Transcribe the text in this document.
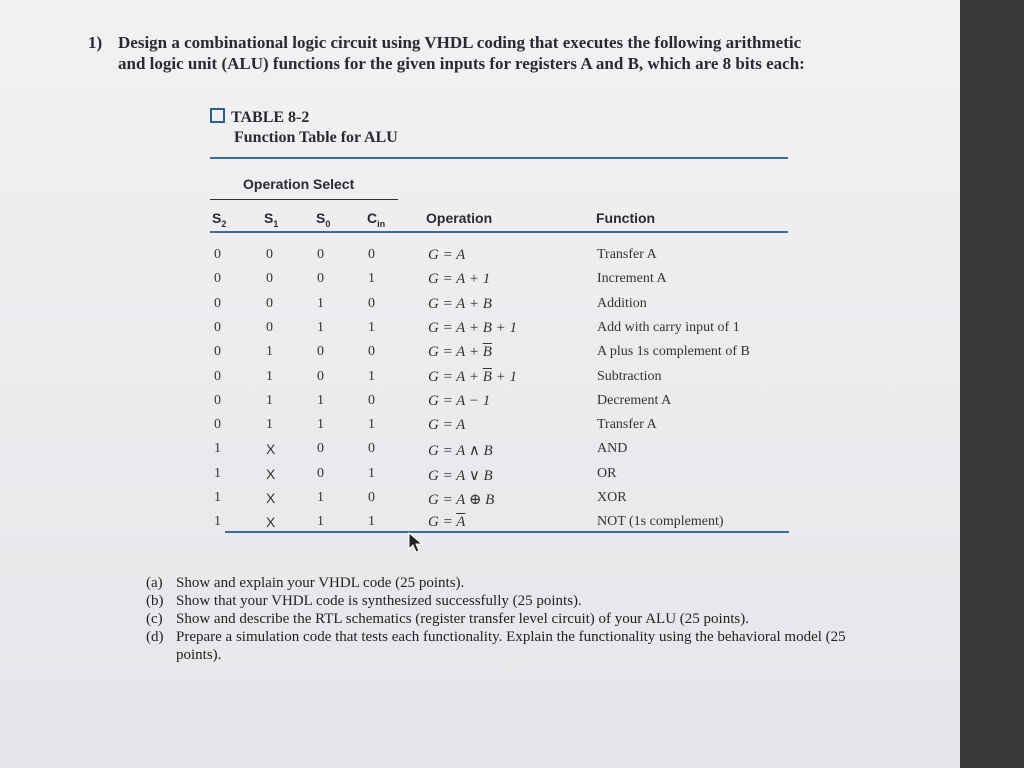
1) Design a combinational logic circuit using VHDL coding that executes the following arithmetic
and logic unit (ALU) functions for the given inputs for registers A and B, which are 8 bits each:
TABLE 8-2
Function Table for ALU
Operation Select
$S_2$	$S_1$	$S_0$	$C_{in}$	Operation	Function
0	0	0	0	G = A	Transfer A
0	0	0	1	G = A + 1	Increment A
0	0	1	0	G = A + B	Addition
0	0	1	1	G = A + B + 1	Add with carry input of 1
0	1	0	0	$G = A + \overline{B}$	A plus 1s complement of B
0	1	0	1	$G = A + \overline{B} + 1$	Subtraction
0	1	1	0	G = A − 1	Decrement A
0	1	1	1	G = A	Transfer A
1	X	0	0	G = A ∧ B	AND
1	X	0	1	G = A ∨ B	OR
1	X	1	0	G = A ⊕ B	XOR
1	X	1	1	$G = \overline{A}$	NOT (1s complement)
(a) Show and explain your VHDL code (25 points).
(b) Show that your VHDL code is synthesized successfully (25 points).
(c) Show and describe the RTL schematics (register transfer level circuit) of your ALU (25 points).
(d) Prepare a simulation code that tests each functionality. Explain the functionality using the behavioral model (25 points).
